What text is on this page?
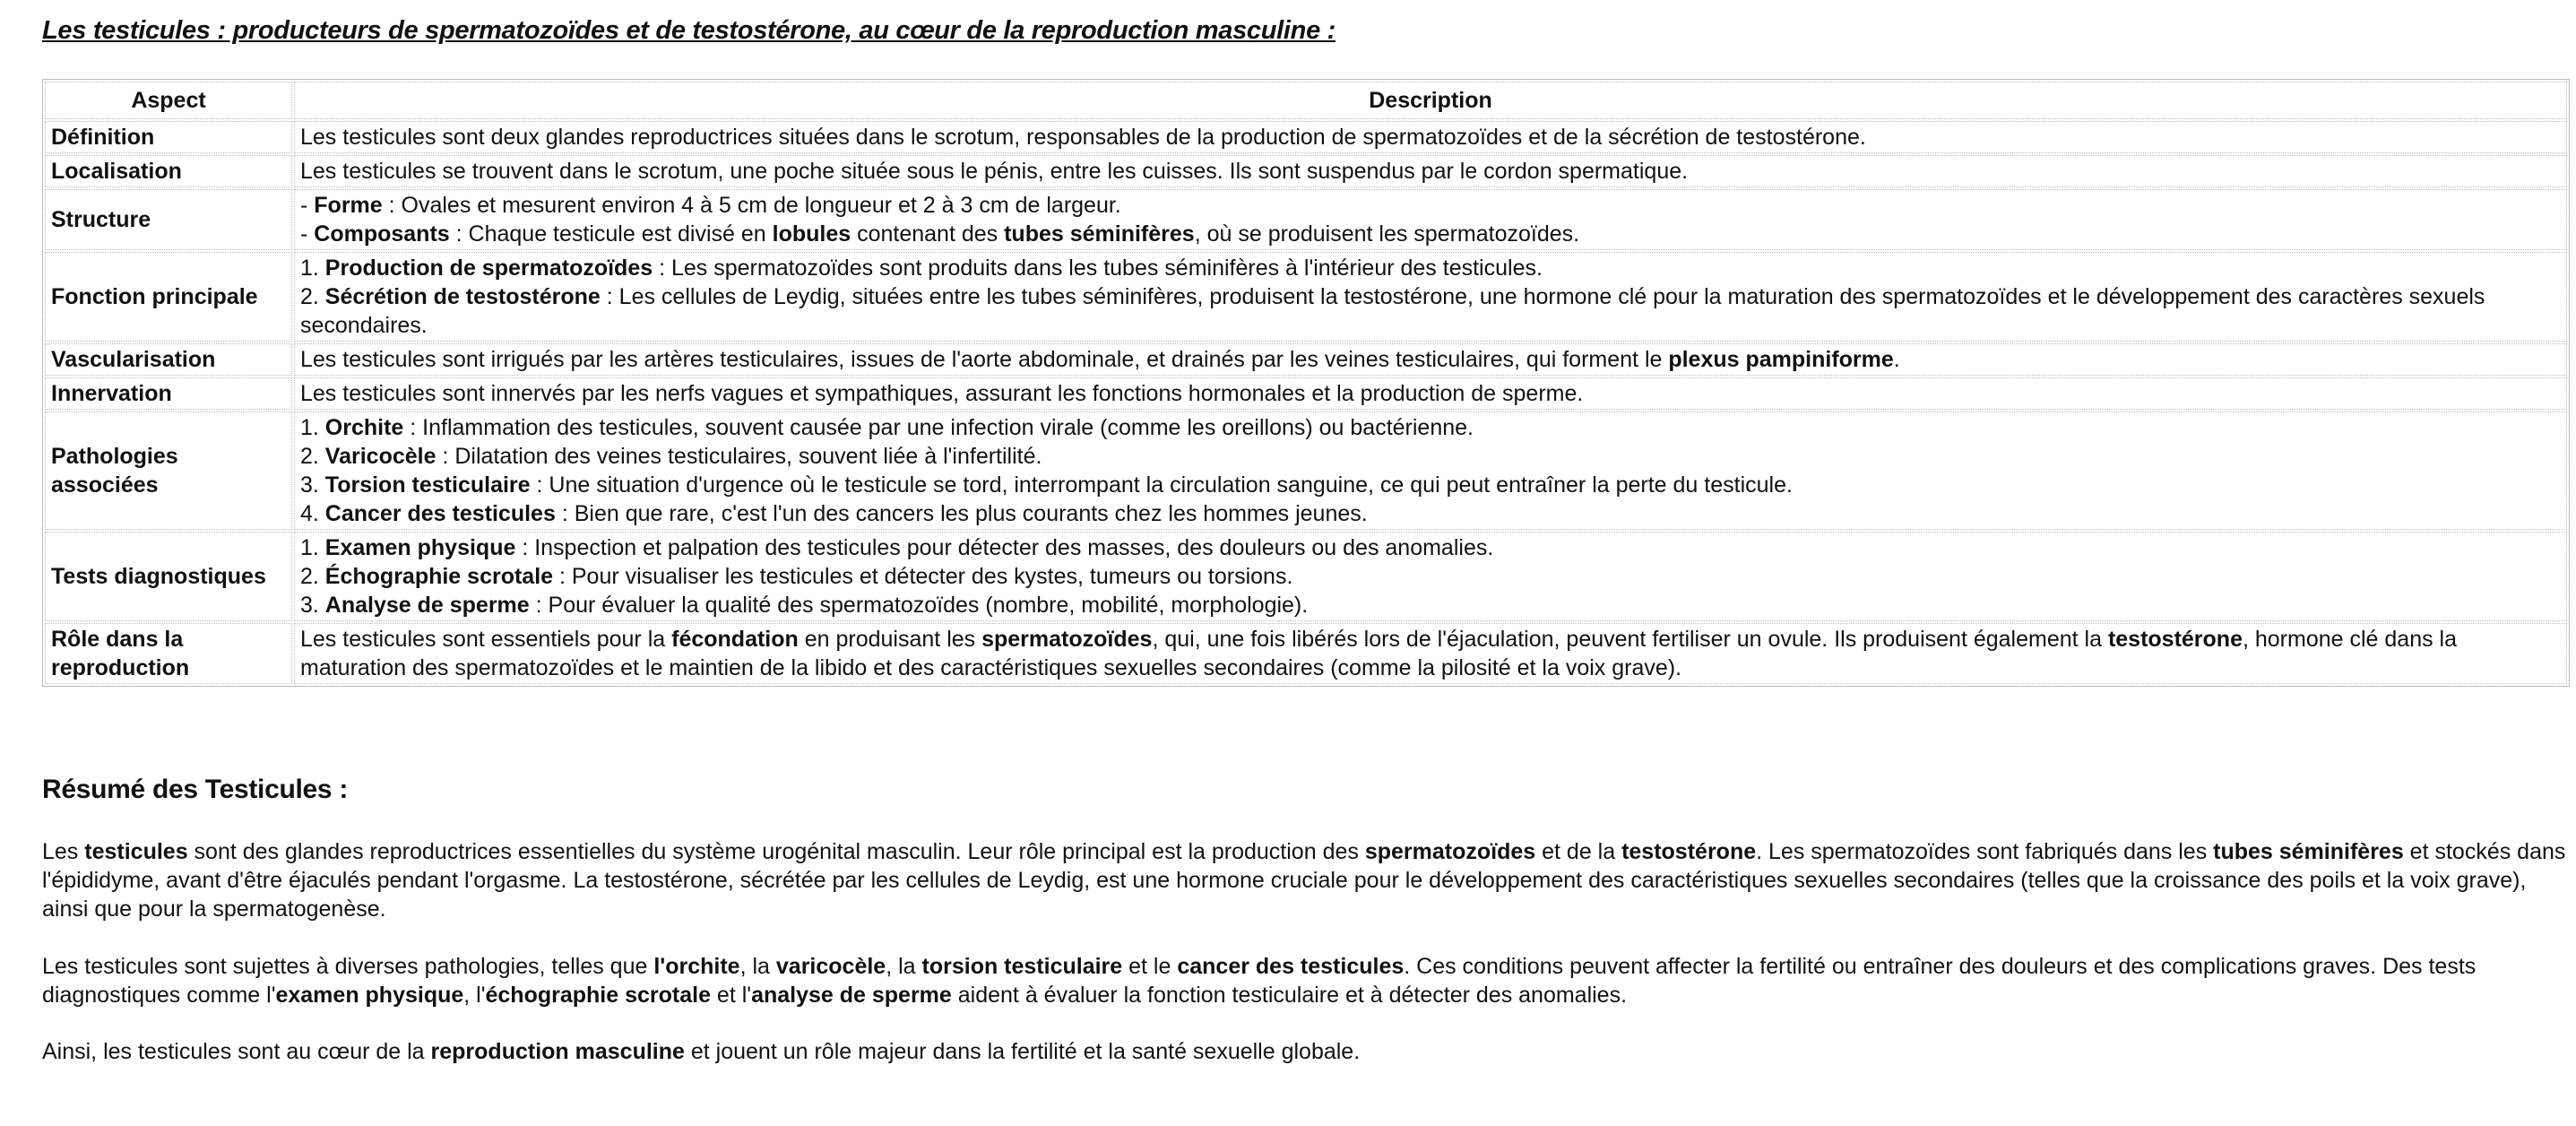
Les testicules : producteurs de spermatozoïdes et de testostérone, au cœur de la reproduction masculine :
Aspect	Description
Définition	Les testicules sont deux glandes reproductrices situées dans le scrotum, responsables de la production de spermatozoïdes et de la sécrétion de testostérone.

Localisation	Les testicules se trouvent dans le scrotum, une poche située sous le pénis, entre les cuisses. Ils sont suspendus par le cordon spermatique.

Structure	- Forme : Ovales et mesurent environ 4 à 5 cm de longueur et 2 à 3 cm de largeur.
- Composants : Chaque testicule est divisé en lobules contenant des tubes séminifères, où se produisent les spermatozoïdes.

Fonction principale	1. Production de spermatozoïdes : Les spermatozoïdes sont produits dans les tubes séminifères à l'intérieur des testicules.
2. Sécrétion de testostérone : Les cellules de Leydig, situées entre les tubes séminifères, produisent la testostérone, une hormone clé pour la maturation des spermatozoïdes et le développement des caractères sexuels secondaires.

Vascularisation	Les testicules sont irrigués par les artères testiculaires, issues de l'aorte abdominale, et drainés par les veines testiculaires, qui forment le plexus pampiniforme.

Innervation	Les testicules sont innervés par les nerfs vagues et sympathiques, assurant les fonctions hormonales et la production de sperme.

Pathologies associées	1. Orchite : Inflammation des testicules, souvent causée par une infection virale (comme les oreillons) ou bactérienne.
2. Varicocèle : Dilatation des veines testiculaires, souvent liée à l'infertilité.
3. Torsion testiculaire : Une situation d'urgence où le testicule se tord, interrompant la circulation sanguine, ce qui peut entraîner la perte du testicule.
4. Cancer des testicules : Bien que rare, c'est l'un des cancers les plus courants chez les hommes jeunes.

Tests diagnostiques	1. Examen physique : Inspection et palpation des testicules pour détecter des masses, des douleurs ou des anomalies.
2. Échographie scrotale : Pour visualiser les testicules et détecter des kystes, tumeurs ou torsions.
3. Analyse de sperme : Pour évaluer la qualité des spermatozoïdes (nombre, mobilité, morphologie).

Rôle dans la reproduction	Les testicules sont essentiels pour la fécondation en produisant les spermatozoïdes, qui, une fois libérés lors de l'éjaculation, peuvent fertiliser un ovule. Ils produisent également la testostérone, hormone clé dans la maturation des spermatozoïdes et le maintien de la libido et des caractéristiques sexuelles secondaires (comme la pilosité et la voix grave).
Résumé des Testicules :

Les testicules sont des glandes reproductrices essentielles du système urogénital masculin. Leur rôle principal est la production des spermatozoïdes et de la testostérone. Les spermatozoïdes sont fabriqués dans les tubes séminifères et stockés dans l'épididyme, avant d'être éjaculés pendant l'orgasme. La testostérone, sécrétée par les cellules de Leydig, est une hormone cruciale pour le développement des caractéristiques sexuelles secondaires (telles que la croissance des poils et la voix grave), ainsi que pour la spermatogenèse.

Les testicules sont sujettes à diverses pathologies, telles que l'orchite, la varicocèle, la torsion testiculaire et le cancer des testicules. Ces conditions peuvent affecter la fertilité ou entraîner des douleurs et des complications graves. Des tests diagnostiques comme l'examen physique, l'échographie scrotale et l'analyse de sperme aident à évaluer la fonction testiculaire et à détecter des anomalies.

Ainsi, les testicules sont au cœur de la reproduction masculine et jouent un rôle majeur dans la fertilité et la santé sexuelle globale.
